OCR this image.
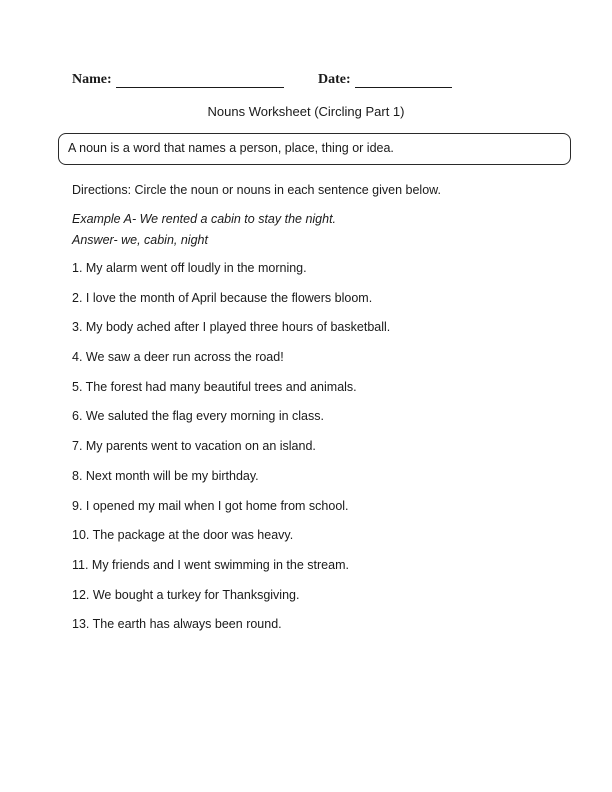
Name:	Date:
Nouns Worksheet (Circling Part 1)
A noun is a word that names a person, place, thing or idea.
Directions: Circle the noun or nouns in each sentence given below.
Example A- We rented a cabin to stay the night.
Answer- we, cabin, night
1. My alarm went off loudly in the morning.
2. I love the month of April because the flowers bloom.
3. My body ached after I played three hours of basketball.
4. We saw a deer run across the road!
5. The forest had many beautiful trees and animals.
6. We saluted the flag every morning in class.
7. My parents went to vacation on an island.
8. Next month will be my birthday.
9. I opened my mail when I got home from school.
10. The package at the door was heavy.
11. My friends and I went swimming in the stream.
12. We bought a turkey for Thanksgiving.
13. The earth has always been round.
